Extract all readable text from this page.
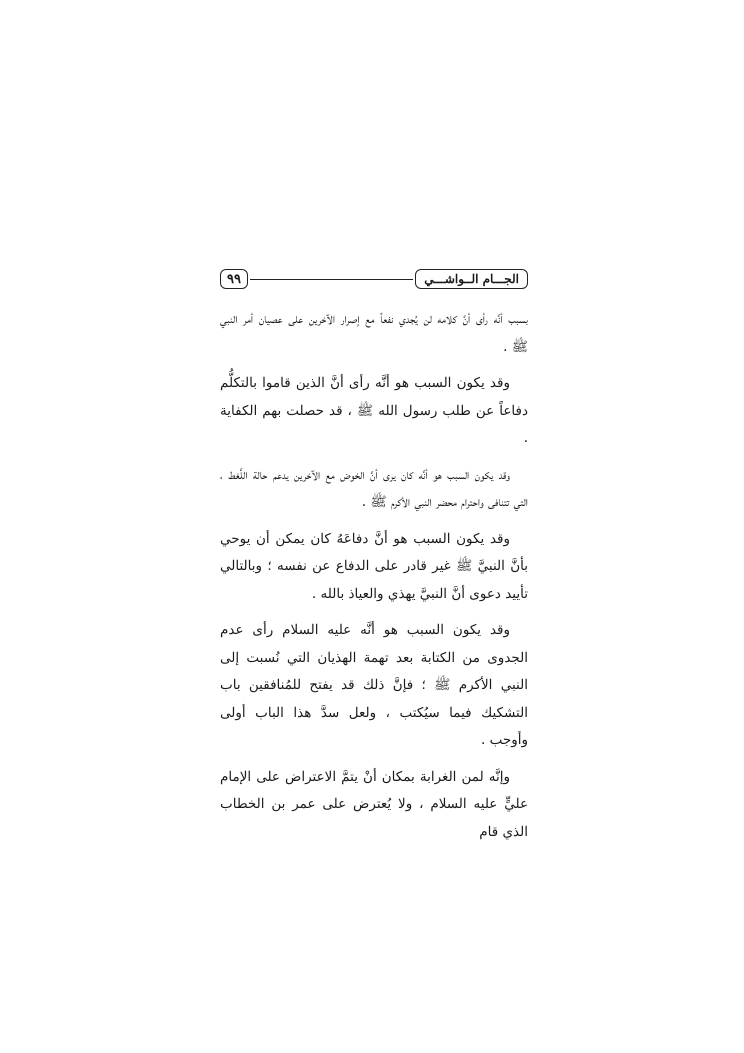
الجـــام الــواشـــي
٩٩

بسبب أنَّه رأى أنَّ كلامه لن يُجدي نفعاً مع إصرار الآخرين على عصيان أمر النبي ﷺ .

وقد يكون السبب هو أنَّه رأى أنَّ الذين قاموا بالتكلُّم دفاعاً عن طلب رسول الله ﷺ ، قد حصلت بهم الكفاية .

وقد يكون السبب هو أنَّه كان يرى أنَّ الخوض مع الآخرين يدعم حالة اللَّغط ، التي تتنافى واحترام محضر النبي الأكرم ﷺ .

وقد يكون السبب هو أنَّ دفاعَهُ كان يمكن أن يوحي بأنَّ النبيَّ ﷺ غير قادر على الدفاع عن نفسه ؛ وبالتالي تأييد دعوى أنَّ النبيَّ يهذي والعياذ بالله .

وقد يكون السبب هو أنَّه عليه السلام رأى عدم الجدوى من الكتابة بعد تهمة الهذيان التي نُسبت إلى النبي الأكرم ﷺ ؛ فإنَّ ذلك قد يفتح للمُنافقين باب التشكيك فيما سيُكتب ، ولعل سدَّ هذا الباب أولى وأوجب .

وإنَّه لمن الغرابة بمكان أنْ يتمَّ الاعتراض على الإمام عليٍّ عليه السلام ، ولا يُعترض على عمر بن الخطاب الذي قام
